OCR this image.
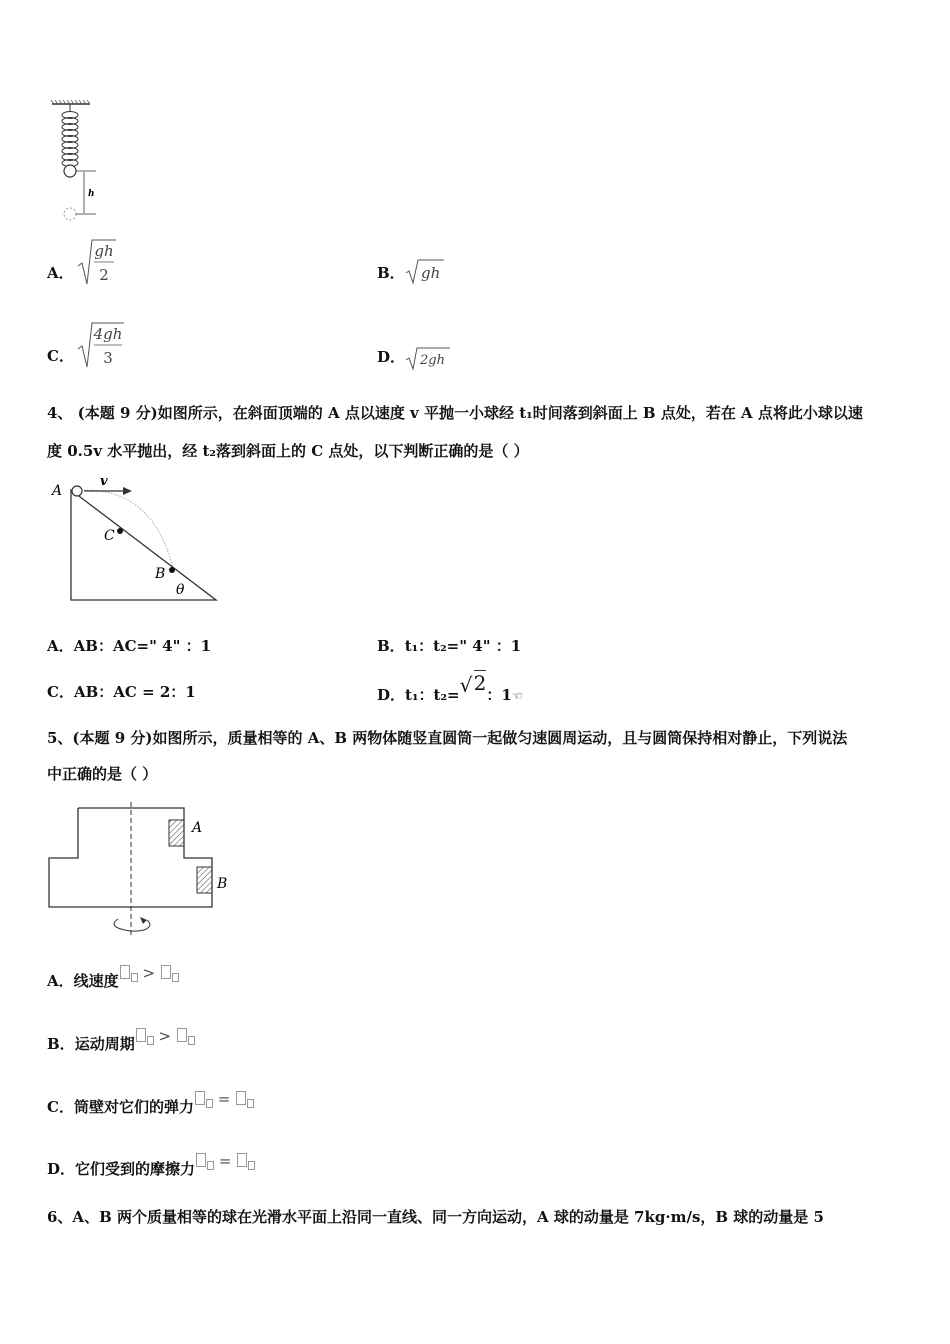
h
A．
gh
2	B． gh
C．
4gh
3	D． 2gh
4、 (本题 9 分)如图所示，在斜面顶端的 A 点以速度 v 平抛一小球经 t₁时间落到斜面上 B 点处，若在 A 点将此小球以速
度 0.5v 水平抛出，经 t₂落到斜面上的 C 点处，以下判断正确的是（ ）
A
v
C
B
θ
A．AB：AC=" 4" ：1	B．t₁：t₂=" 4" ：1
C．AB：AC = 2：1	D．t₁：t₂= √ 2：1☜
5、(本题 9 分)如图所示，质量相等的 A、B 两物体随竖直圆筒一起做匀速圆周运动，且与圆筒保持相对静止，下列说法
中正确的是（ ）
A
B
A．线速度 >
B．运动周期 >
C．筒壁对它们的弹力 =
D．它们受到的摩擦力 =
6、A、B 两个质量相等的球在光滑水平面上沿同一直线、同一方向运动，A 球的动量是 7kg·m/s，B 球的动量是 5
